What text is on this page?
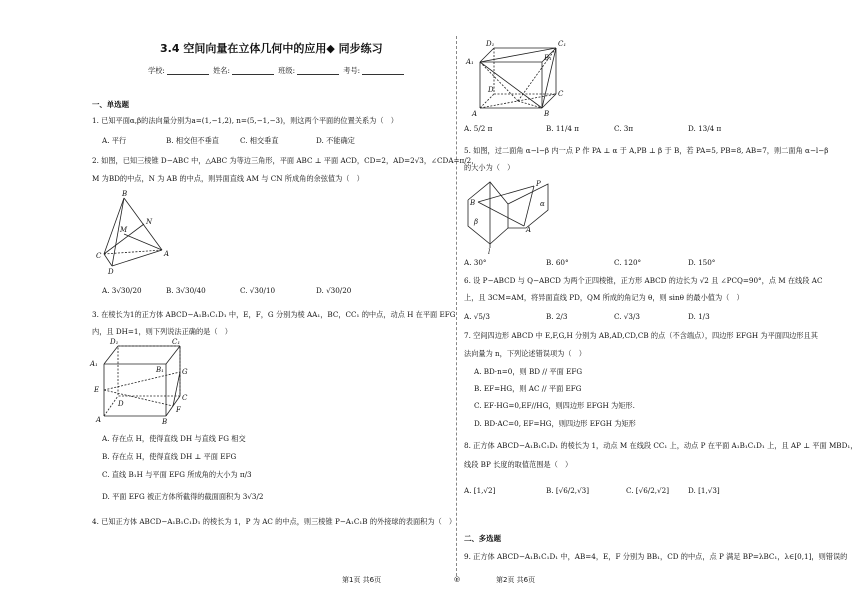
3.4 空间向量在立体几何中的应用◆ 同步练习
学校:	姓名:	班级:	考号:
一、单选题
1. 已知平面α,β的法向量分别为a=(1,−1,2), n=(5,−1,−3)，则这两个平面的位置关系为（　）
A. 平行	B. 相交但不垂直	C. 相交垂直	D. 不能确定
2. 如图，已知三棱锥 D−ABC 中，△ABC 为等边三角形，平面 ABC ⊥ 平面 ACD，CD=2，AD=2√3，∠CDA=π/2，
M 为BD的中点，N 为 AB 的中点，则异面直线 AM 与 CN 所成角的余弦值为（　）
B
N
M
C	A
D
A. 3√30/20	B. 3√30/40	C. √30/10	D. √30/20
3. 在棱长为1的正方体 ABCD−A₁B₁C₁D₁ 中，E，F，G 分别为棱 AA₁，BC，CC₁ 的中点，动点 H 在平面 EFG
内，且 DH=1，则下列说法正确的是（　）
D₁	C₁
A₁
B₁	G
E
D
C
A	B
F
A. 存在点 H，使得直线 DH 与直线 FG 相交
B. 存在点 H，使得直线 DH ⊥ 平面 EFG
C. 直线 B₁H 与平面 EFG 所成角的大小为 π/3
D. 平面 EFG 被正方体所截得的截面面积为 3√3/2
4. 已知正方体 ABCD−A₁B₁C₁D₁ 的棱长为 1，P 为 AC 的中点，则三棱锥 P−A₁C₁B 的外接球的表面积为（　）
第1页 共6页
D₁	C₁
A₁	B₁
D	C
A	B
A. 5/2 π	B. 11/4 π	C. 3π	D. 13/4 π
5. 如图，过二面角 α−l−β 内一点 P 作 PA ⊥ α 于 A,PB ⊥ β 于 B，若 PA=5, PB=8, AB=7，则二面角 α−l−β
的大小为（　）
P
B
A
α
β
l
A. 30°	B. 60°	C. 120°	D. 150°
6. 设 P−ABCD 与 Q−ABCD 为两个正四棱锥，正方形 ABCD 的边长为 √2 且 ∠PCQ=90°，点 M 在线段 AC
上，且 3CM=AM，将异面直线 PD，QM 所成的角记为 θ，则 sinθ 的最小值为（　）
A. √5/3	B. 2/3	C. √3/3	D. 1/3
7. 空间四边形 ABCD 中 E,F,G,H 分别为 AB,AD,CD,CB 的点（不含端点），四边形 EFGH 为平面四边形且其
法向量为 n，下列论述错误项为（　）
A. BD·n=0，则 BD // 平面 EFG
B. EF=HG，则 AC // 平面 EFG
C. EF·HG=0,EF//HG，则四边形 EFGH 为矩形.
D. BD·AC=0, EF=HG，则四边形 EFGH 为矩形
8. 正方体 ABCD−A₁B₁C₁D₁ 的棱长为 1，动点 M 在线段 CC₁ 上，动点 P 在平面 A₁B₁C₁D₁ 上，且 AP ⊥ 平面 MBD₁，
线段 BP 长度的取值范围是（　）
A. [1,√2]	B. [√6/2,√3]	C. [√6/2,√2]	D. [1,√3]
二、多选题
9. 正方体 ABCD−A₁B₁C₁D₁ 中，AB=4，E，F 分别为 BB₁，CD 的中点，点 P 满足 BP=λBC₁，λ∈[0,1]，则错误的
◎	第2页 共6页
